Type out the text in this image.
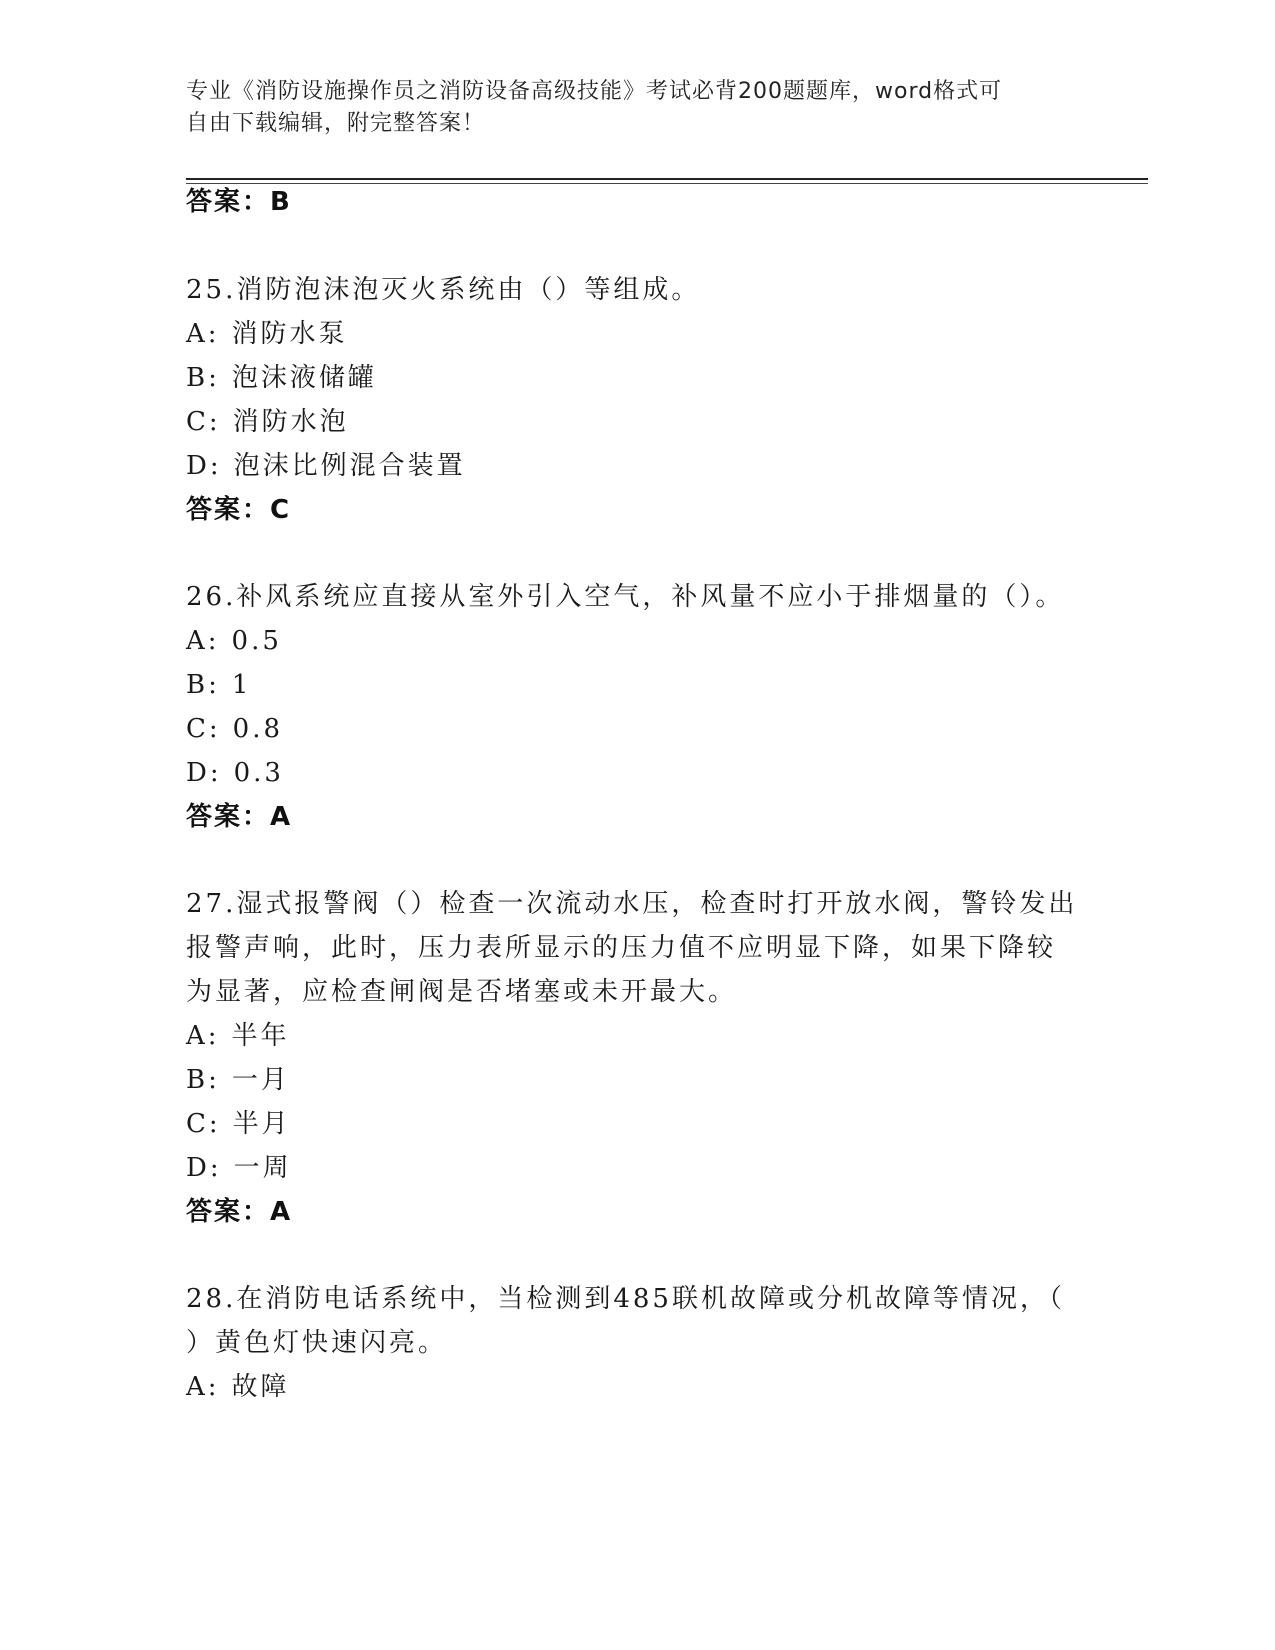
专业《消防设施操作员之消防设备高级技能》考试必背200题题库，word格式可
自由下载编辑，附完整答案！
答案：B
25.消防泡沫泡灭火系统由（）等组成。
A: 消防水泵
B: 泡沫液储罐
C: 消防水泡
D: 泡沫比例混合装置
答案：C
26.补风系统应直接从室外引入空气，补风量不应小于排烟量的（）。
A: 0.5
B: 1
C: 0.8
D: 0.3
答案：A
27.湿式报警阀（）检查一次流动水压，检查时打开放水阀，警铃发出
报警声响，此时，压力表所显示的压力值不应明显下降，如果下降较
为显著，应检查闸阀是否堵塞或未开最大。
A: 半年
B: 一月
C: 半月
D: 一周
答案：A
28.在消防电话系统中，当检测到485联机故障或分机故障等情况，（
）黄色灯快速闪亮。
A: 故障
